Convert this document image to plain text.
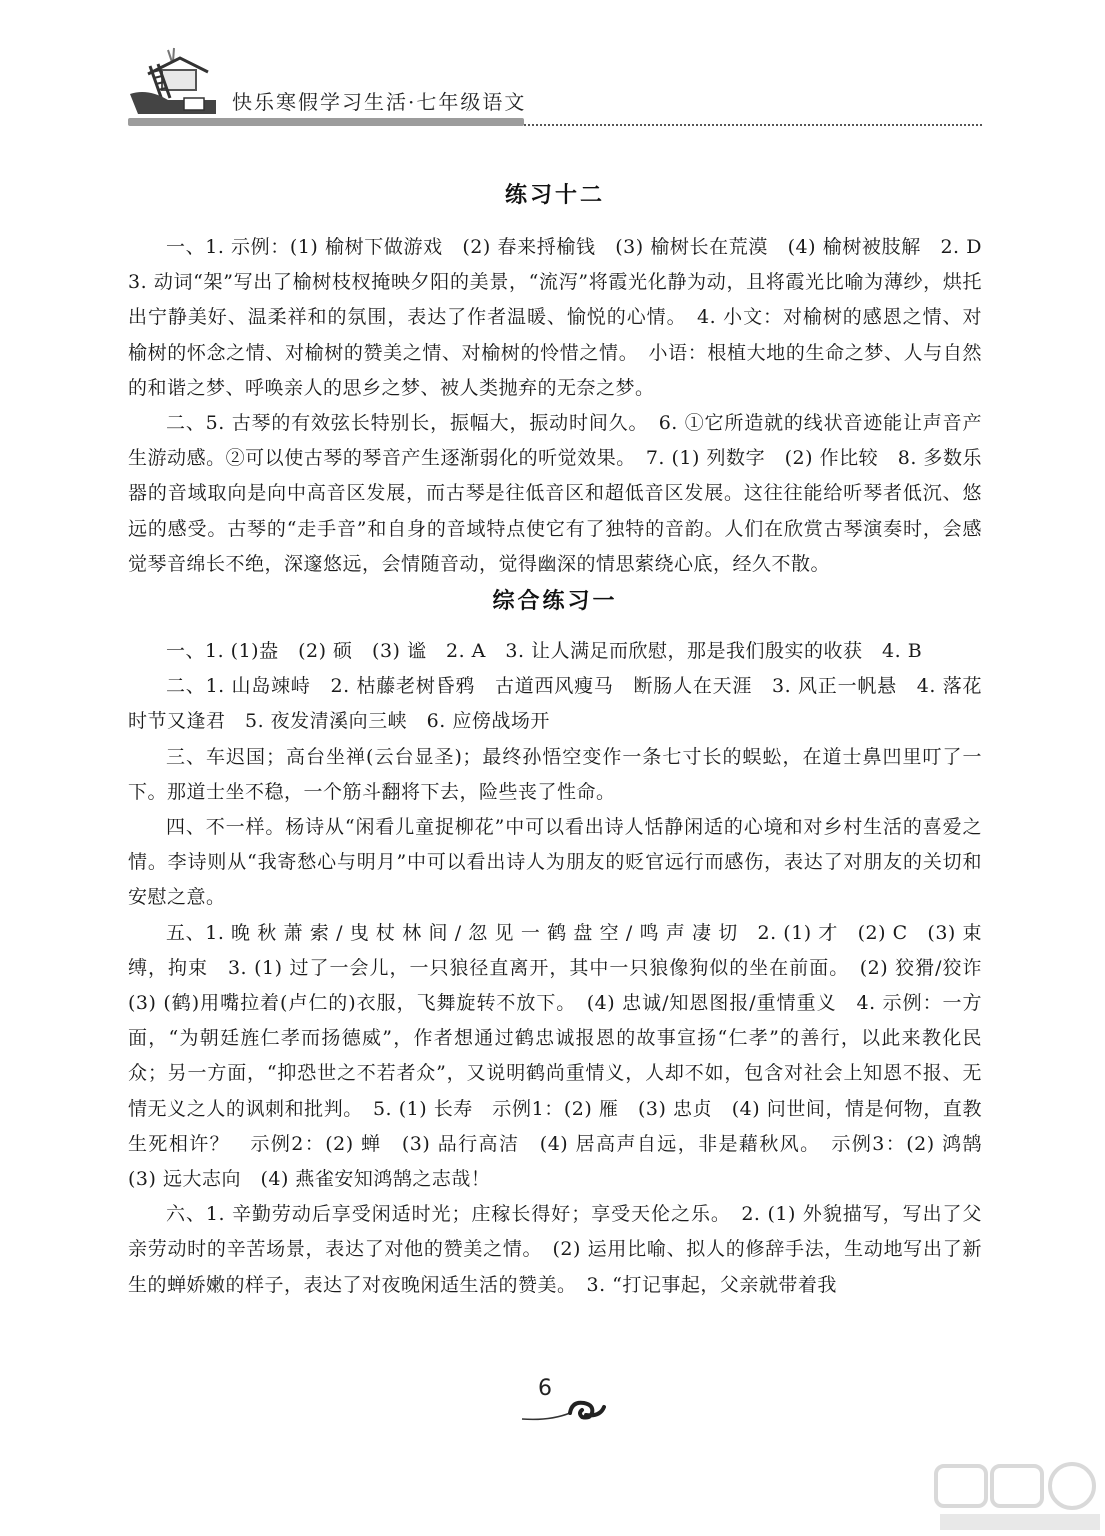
快乐寒假学习生活·七年级语文
练习十二

一、1. 示例：(1) 榆树下做游戏　(2) 春来捋榆钱　(3) 榆树长在荒漠　(4) 榆树被肢解　2. D　3. 动词“架”写出了榆树枝杈掩映夕阳的美景，“流泻”将霞光化静为动，且将霞光比喻为薄纱，烘托出宁静美好、温柔祥和的氛围，表达了作者温暖、愉悦的心情。　4. 小文：对榆树的感恩之情、对榆树的怀念之情、对榆树的赞美之情、对榆树的怜惜之情。　小语：根植大地的生命之梦、人与自然的和谐之梦、呼唤亲人的思乡之梦、被人类抛弃的无奈之梦。

二、5. 古琴的有效弦长特别长，振幅大，振动时间久。　6. ①它所造就的线状音迹能让声音产生游动感。②可以使古琴的琴音产生逐渐弱化的听觉效果。　7. (1) 列数字　(2) 作比较　8. 多数乐器的音域取向是向中高音区发展，而古琴是往低音区和超低音区发展。这往往能给听琴者低沉、悠远的感受。古琴的“走手音”和自身的音域特点使它有了独特的音韵。人们在欣赏古琴演奏时，会感觉琴音绵长不绝，深邃悠远，会情随音动，觉得幽深的情思萦绕心底，经久不散。

综合练习一

一、1. (1)盎　(2) 硕　(3) 谧　2. A　3. 让人满足而欣慰，那是我们殷实的收获　4. B

二、1. 山岛竦峙　2. 枯藤老树昏鸦　古道西风瘦马　断肠人在天涯　3. 风正一帆悬　4. 落花时节又逢君　5. 夜发清溪向三峡　6. 应傍战场开

三、车迟国；高台坐禅(云台显圣)；最终孙悟空变作一条七寸长的蜈蚣，在道士鼻凹里叮了一下。那道士坐不稳，一个筋斗翻将下去，险些丧了性命。

四、不一样。杨诗从“闲看儿童捉柳花”中可以看出诗人恬静闲适的心境和对乡村生活的喜爱之情。李诗则从“我寄愁心与明月”中可以看出诗人为朋友的贬官远行而感伤，表达了对朋友的关切和安慰之意。

五、1. 晚 秋 萧 索 / 曳 杖 林 间 / 忽 见 一 鹤 盘 空 / 鸣 声 凄 切　2. (1) 才　(2) C　(3) 束缚，拘束　3. (1) 过了一会儿，一只狼径直离开，其中一只狼像狗似的坐在前面。　(2) 狡猾/狡诈　(3) (鹤)用嘴拉着(卢仁的)衣服，飞舞旋转不放下。　(4) 忠诚/知恩图报/重情重义　4. 示例：一方面，“为朝廷旌仁孝而扬德威”，作者想通过鹤忠诚报恩的故事宣扬“仁孝”的善行，以此来教化民众；另一方面，“抑恐世之不若者众”，又说明鹤尚重情义，人却不如，包含对社会上知恩不报、无情无义之人的讽刺和批判。　5. (1) 长寿　示例1：(2) 雁　(3) 忠贞　(4) 问世间，情是何物，直教生死相许？　示例2：(2) 蝉　(3) 品行高洁　(4) 居高声自远，非是藉秋风。　示例3：(2) 鸿鹄　(3) 远大志向　(4) 燕雀安知鸿鹄之志哉！

六、1. 辛勤劳动后享受闲适时光；庄稼长得好；享受天伦之乐。　2. (1) 外貌描写，写出了父亲劳动时的辛苦场景，表达了对他的赞美之情。　(2) 运用比喻、拟人的修辞手法，生动地写出了新生的蝉娇嫩的样子，表达了对夜晚闲适生活的赞美。　3. “打记事起，父亲就带着我

6
